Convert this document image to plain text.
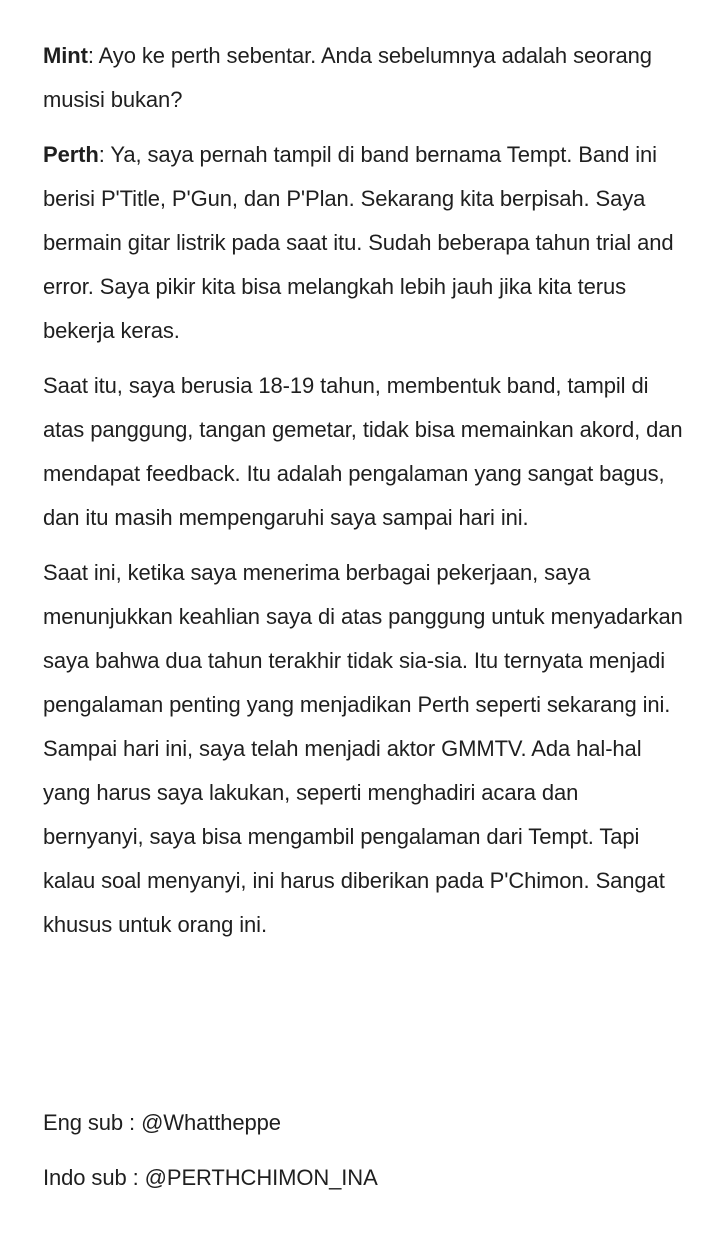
Mint: Ayo ke perth sebentar. Anda sebelumnya adalah seorang musisi bukan?

Perth: Ya, saya pernah tampil di band bernama Tempt. Band ini berisi P'Title, P'Gun, dan P'Plan. Sekarang kita berpisah. Saya bermain gitar listrik pada saat itu. Sudah beberapa tahun trial and error. Saya pikir kita bisa melangkah lebih jauh jika kita terus bekerja keras.

Saat itu, saya berusia 18-19 tahun, membentuk band, tampil di atas panggung, tangan gemetar, tidak bisa memainkan akord, dan mendapat feedback. Itu adalah pengalaman yang sangat bagus, dan itu masih mempengaruhi saya sampai hari ini.

Saat ini, ketika saya menerima berbagai pekerjaan, saya menunjukkan keahlian saya di atas panggung untuk menyadarkan saya bahwa dua tahun terakhir tidak sia-sia. Itu ternyata menjadi pengalaman penting yang menjadikan Perth seperti sekarang ini. Sampai hari ini, saya telah menjadi aktor GMMTV. Ada hal-hal yang harus saya lakukan, seperti menghadiri acara dan bernyanyi, saya bisa mengambil pengalaman dari Tempt. Tapi kalau soal menyanyi, ini harus diberikan pada P'Chimon. Sangat khusus untuk orang ini.

Eng sub : @Whattheppe

Indo sub : @PERTHCHIMON_INA
